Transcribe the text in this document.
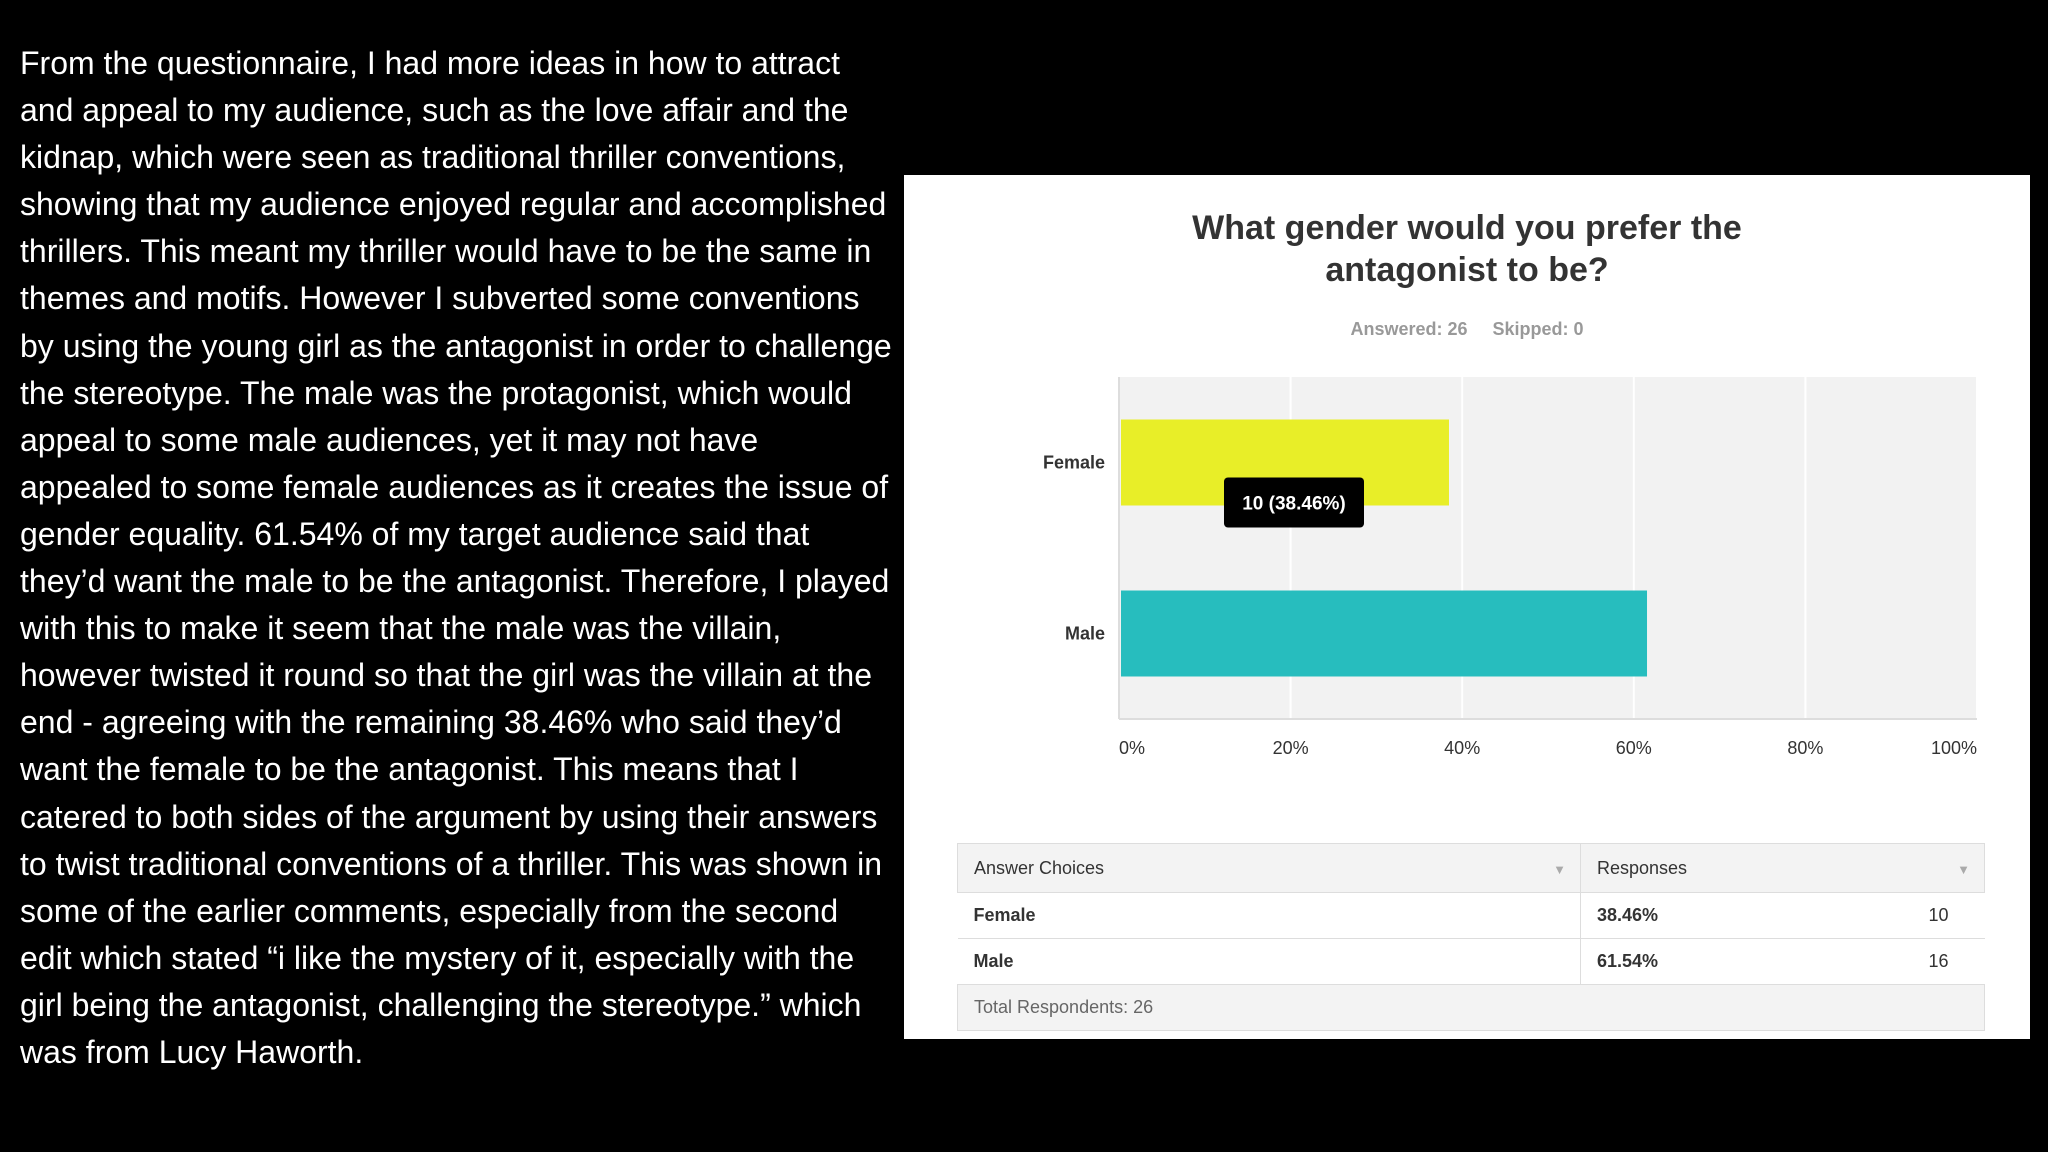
From the questionnaire, I had more ideas in how to attract and appeal to my audience, such as the love affair and the kidnap, which were seen as traditional thriller conventions, showing that my audience enjoyed regular and accomplished thrillers. This meant my thriller would have to be the same in themes and motifs. However I subverted some conventions by using the young girl as the antagonist in order to challenge the stereotype. The male was the protagonist, which would appeal to some male audiences, yet it may not have appealed to some female audiences as it creates the issue of gender equality. 61.54% of my target audience said that they’d want the male to be the antagonist. Therefore, I played with this to make it seem that the male was the villain, however twisted it round so that the girl was the villain at the end - agreeing with the remaining 38.46% who said they’d want the female to be the antagonist. This means that I catered to both sides of the argument by using their answers to twist traditional conventions of a thriller. This was shown in some of the earlier comments, especially from the second edit which stated “i like the mystery of it, especially with the girl being the antagonist, challenging the stereotype.” which was from Lucy Haworth.
What gender would you prefer the antagonist to be?
Answered: 26 Skipped: 0
0%	20%	40%	60%	80%	100%
Female
Male
10 (38.46%)
Answer Choices ▼	Responses ▼

Female	38.46% 10

Male	61.54% 16

Total Respondents: 26	
